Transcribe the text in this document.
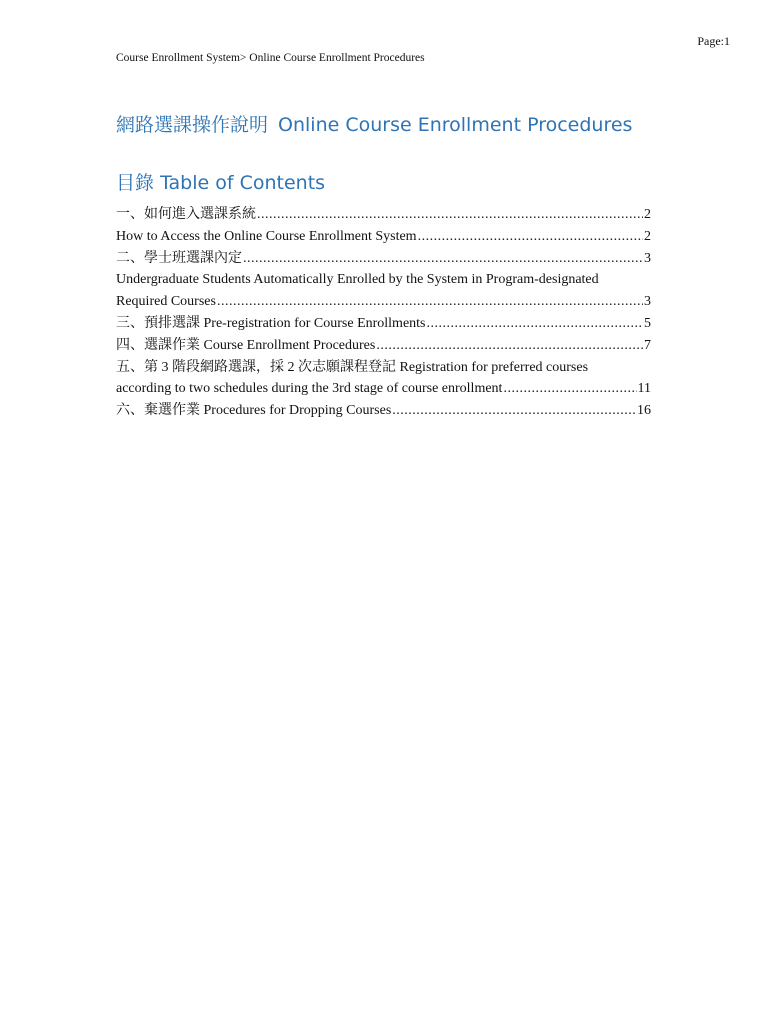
Page:1
Course Enrollment System> Online Course Enrollment Procedures
網路選課操作說明 Online Course Enrollment Procedures
目錄 Table of Contents
一、如何進入選課系統 .....	2
How to Access the Online Course Enrollment System .....	2
二、學士班選課內定 .....	3
Undergraduate Students Automatically Enrolled by the System in Program-designated
Required Courses .....	3
三、預排選課 Pre-registration for Course Enrollments .....	5
四、選課作業 Course Enrollment Procedures .....	7
五、第 3 階段網路選課，採 2 次志願課程登記 Registration for preferred courses
according to two schedules during the 3rd stage of course enrollment .....	11
六、棄選作業 Procedures for Dropping Courses .....	16
